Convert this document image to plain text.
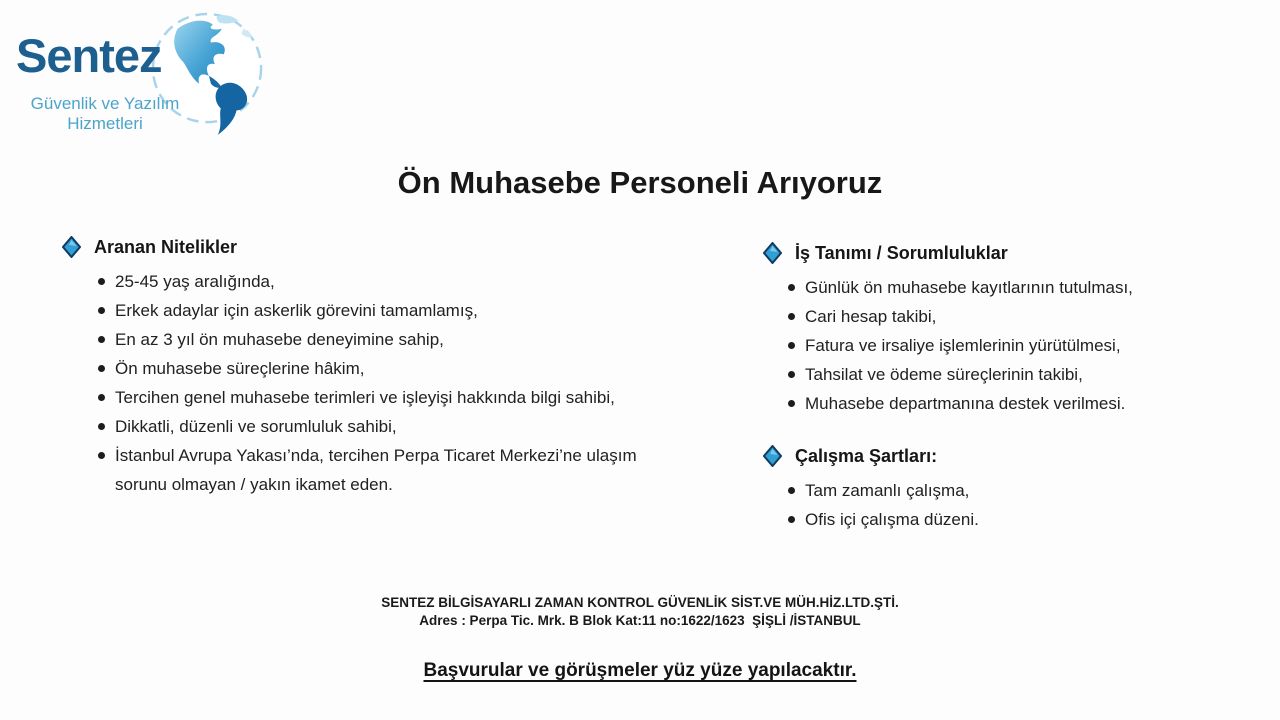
Sentez
Güvenlik ve Yazılım
Hizmetleri
Ön Muhasebe Personeli Arıyoruz
Aranan Nitelikler
25-45 yaş aralığında,
Erkek adaylar için askerlik görevini tamamlamış,
En az 3 yıl ön muhasebe deneyimine sahip,
Ön muhasebe süreçlerine hâkim,
Tercihen genel muhasebe terimleri ve işleyişi hakkında bilgi sahibi,
Dikkatli, düzenli ve sorumluluk sahibi,
İstanbul Avrupa Yakası’nda, tercihen Perpa Ticaret Merkezi’ne ulaşım sorunu olmayan / yakın ikamet eden.
İş Tanımı / Sorumluluklar
Günlük ön muhasebe kayıtlarının tutulması,
Cari hesap takibi,
Fatura ve irsaliye işlemlerinin yürütülmesi,
Tahsilat ve ödeme süreçlerinin takibi,
Muhasebe departmanına destek verilmesi.
Çalışma Şartları:
Tam zamanlı çalışma,
Ofis içi çalışma düzeni.
SENTEZ BİLGİSAYARLI ZAMAN KONTROL GÜVENLİK SİST.VE MÜH.HİZ.LTD.ŞTİ.
Adres : Perpa Tic. Mrk. B Blok Kat:11 no:1622/1623  ŞİŞLİ /İSTANBUL
Başvurular ve görüşmeler yüz yüze yapılacaktır.
